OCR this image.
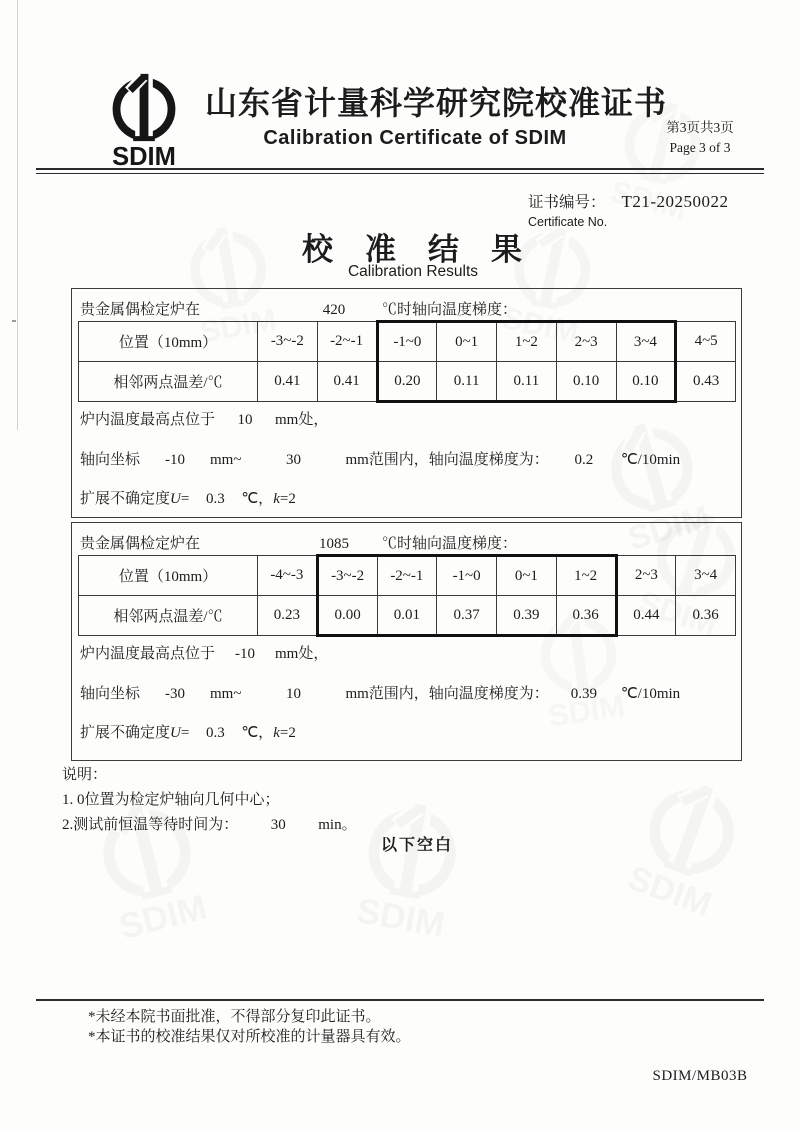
山东省计量科学研究院校准证书
Calibration Certificate of SDIM	第3页共3页
Page 3 of 3
证书编号： T21-20250022
Certificate No.
校准结果
Calibration Results
贵金属偶检定炉在	420 ℃时轴向温度梯度：
位置（10mm）	-3~-2	-2~-1	-1~0	0~1	1~2	2~3	3~4	4~5
相邻两点温差/℃	0.41	0.41	0.20	0.11	0.11	0.10	0.10	0.43
炉内温度最高点位于 10 mm处，
轴向坐标 -10 mm~	30	mm范围内，轴向温度梯度为： 0.2 ℃/10min
扩展不确定度U= 0.3 ℃，k=2
贵金属偶检定炉在	1085 ℃时轴向温度梯度：
位置（10mm）	-4~-3	-3~-2	-2~-1	-1~0	0~1	1~2	2~3	3~4
相邻两点温差/℃	0.23	0.00	0.01	0.37	0.39	0.36	0.44	0.36
炉内温度最高点位于 -10 mm处，
轴向坐标 -30 mm~	10	mm范围内，轴向温度梯度为： 0.39 ℃/10min
扩展不确定度U= 0.3 ℃，k=2
说明：
1. 0位置为检定炉轴向几何中心；
2.测试前恒温等待时间为： 30 min。
以下空白
*未经本院书面批准，不得部分复印此证书。
*本证书的校准结果仅对所校准的计量器具有效。
SDIM/MB03B
